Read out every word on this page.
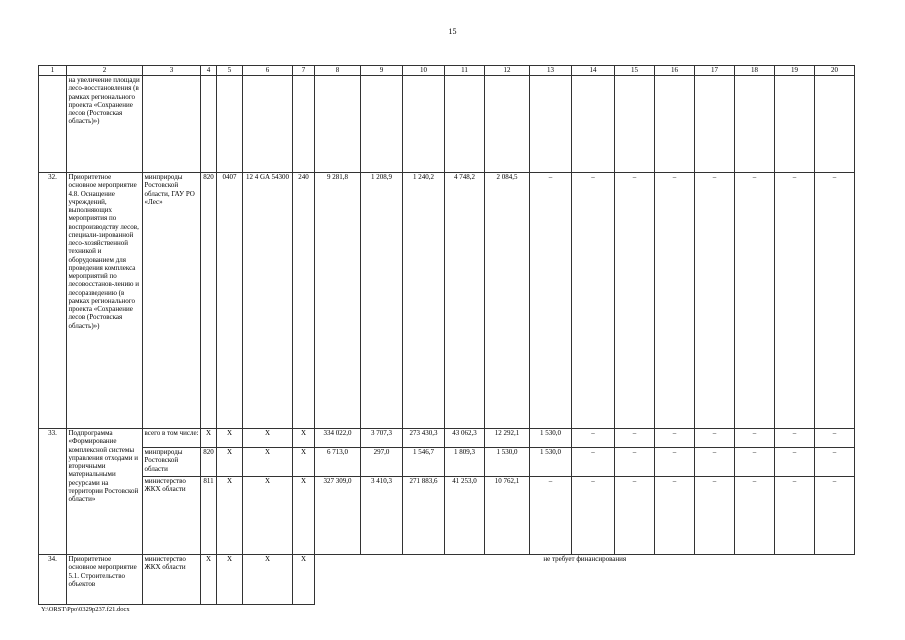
15
1	2	3	4	5	6	7	8	9	10	11	12	13	14	15	16	17	18	19	20
	на увеличение площади лесо-восстановления (в рамках регионального проекта «Сохранение лесов (Ростовская область)»)																		
32.	Приоритетное основное мероприятие 4.8. Оснащение учреждений, выполняющих мероприятия по воспроизводству лесов, специали-зированной лесо-хозяйственной техникой и оборудованием для проведения комплекса мероприятий по лесовосстанов-лению и лесоразведению (в рамках регионального проекта «Сохранение лесов (Ростовская область)»)	минприроды Ростовской области, ГАУ РО «Лес»	820	0407	12 4 GA 54300	240	9 281,8	1 208,9	1 240,2	4 748,2	2 084,5	–	–	–	–	–	–	–	–
33.	Подпрограмма «Формирование комплексной системы управления отходами и вторичными материальными ресурсами на территории Ростовской области»	всего в том числе:	Х	Х	Х	Х	334 022,0	3 707,3	273 430,3	43 062,3	12 292,1	1 530,0	–	–	–	–	–	–	–
		минприроды Ростовской области	820	Х	Х	Х	6 713,0	297,0	1 546,7	1 809,3	1 530,0	1 530,0	–	–	–	–	–	–	–
		министерство ЖКХ области	811	Х	Х	Х	327 309,0	3 410,3	271 883,6	41 253,0	10 762,1	–	–	–	–	–	–	–	–
34.	Приоритетное основное мероприятие 5.1. Строительство объектов	министерство ЖКХ области	Х	Х	Х	Х	не требует финансирования												
Y:\ORST\Ppo\0329p237.f21.docx
